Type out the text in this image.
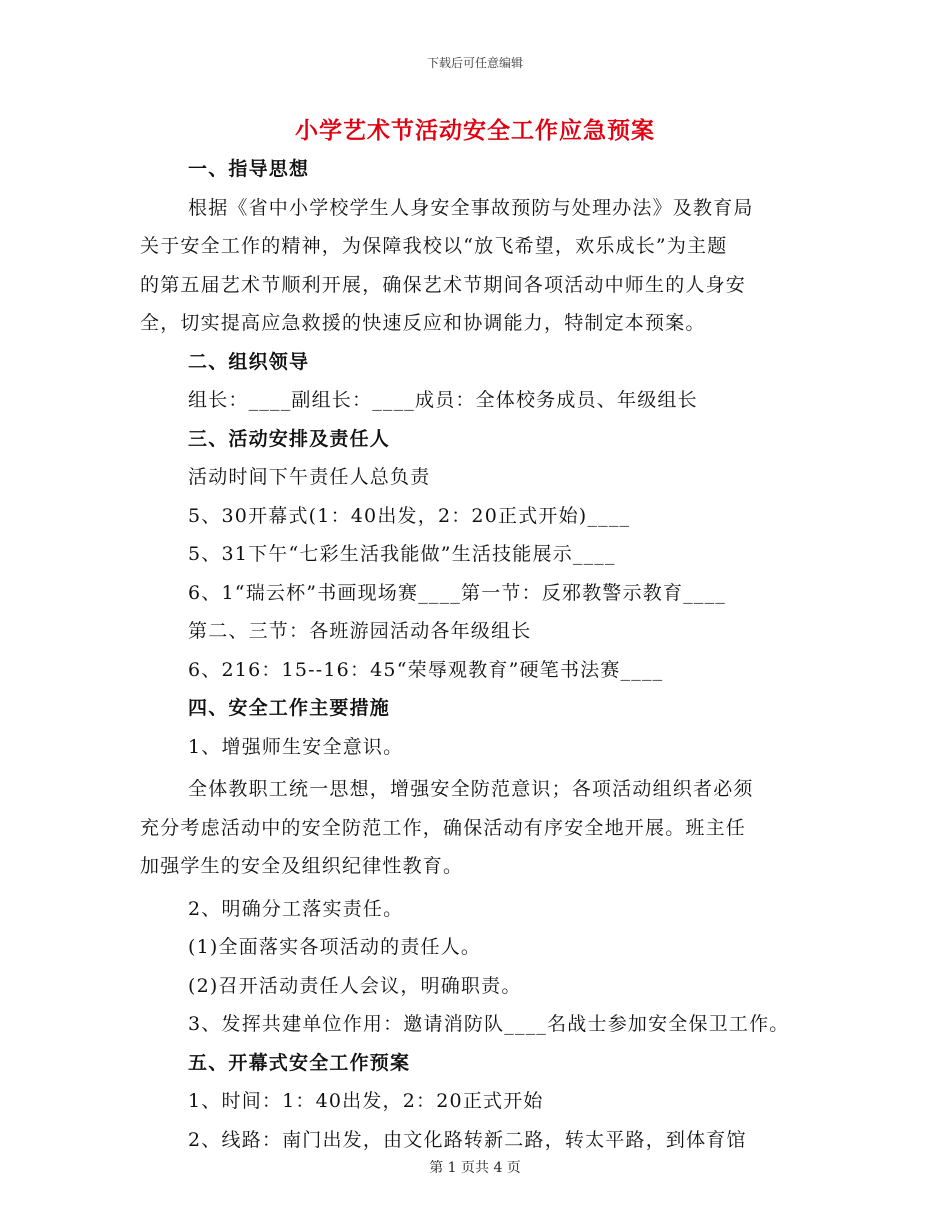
下载后可任意编辑
小学艺术节活动安全工作应急预案
一、指导思想
根据《省中小学校学生人身安全事故预防与处理办法》及教育局
关于安全工作的精神，为保障我校以“放飞希望，欢乐成长”为主题
的第五届艺术节顺利开展，确保艺术节期间各项活动中师生的人身安
全，切实提高应急救援的快速反应和协调能力，特制定本预案。
二、组织领导
组长：____副组长：____成员：全体校务成员、年级组长
三、活动安排及责任人
活动时间下午责任人总负责
5、30开幕式(1：40出发，2：20正式开始)____
5、31下午“七彩生活我能做”生活技能展示____
6、1“瑞云杯”书画现场赛____第一节：反邪教警示教育____
第二、三节：各班游园活动各年级组长
6、216：15--16：45“荣辱观教育”硬笔书法赛____
四、安全工作主要措施
1、增强师生安全意识。
全体教职工统一思想，增强安全防范意识；各项活动组织者必须
充分考虑活动中的安全防范工作，确保活动有序安全地开展。班主任
加强学生的安全及组织纪律性教育。
2、明确分工落实责任。
(1)全面落实各项活动的责任人。
(2)召开活动责任人会议，明确职责。
3、发挥共建单位作用：邀请消防队____名战士参加安全保卫工作。
五、开幕式安全工作预案
1、时间：1：40出发，2：20正式开始
2、线路：南门出发，由文化路转新二路，转太平路，到体育馆
第 1 页共 4 页
